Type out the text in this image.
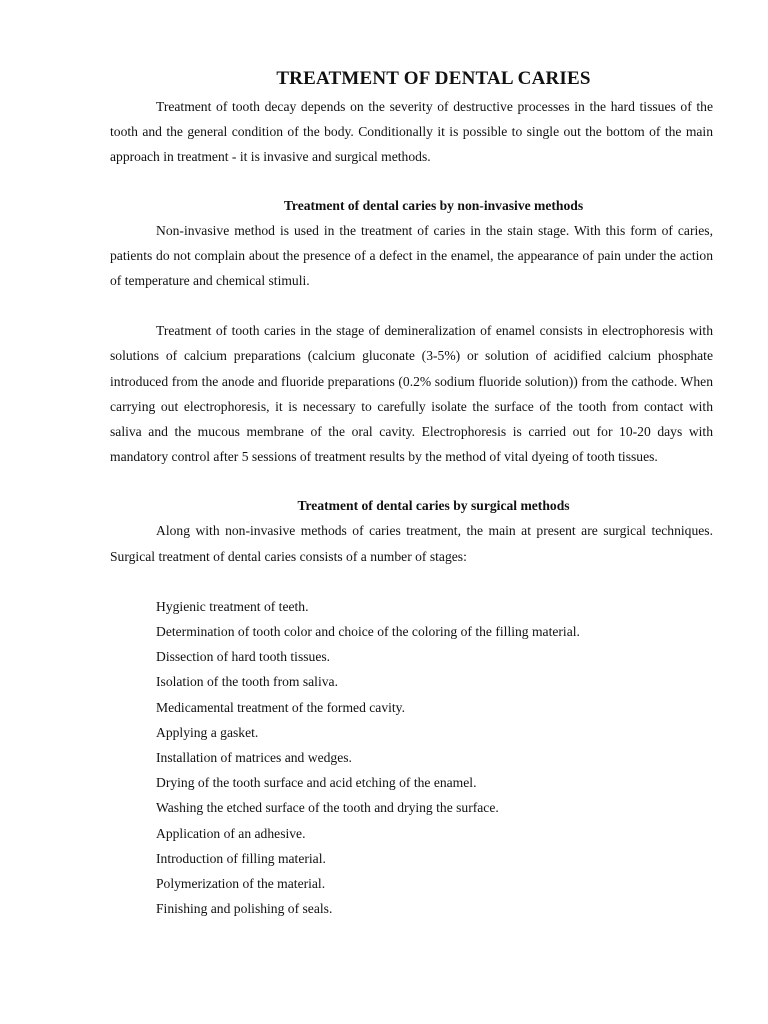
TREATMENT OF DENTAL CARIES

Treatment of tooth decay depends on the severity of destructive processes in the hard tissues of the tooth and the general condition of the body. Conditionally it is possible to single out the bottom of the main approach in treatment - it is invasive and surgical methods.

Treatment of dental caries by non-invasive methods

Non-invasive method is used in the treatment of caries in the stain stage. With this form of caries, patients do not complain about the presence of a defect in the enamel, the appearance of pain under the action of temperature and chemical stimuli.

Treatment of tooth caries in the stage of demineralization of enamel consists in electrophoresis with solutions of calcium preparations (calcium gluconate (3-5%) or solution of acidified calcium phosphate introduced from the anode and fluoride preparations (0.2% sodium fluoride solution)) from the cathode. When carrying out electrophoresis, it is necessary to carefully isolate the surface of the tooth from contact with saliva and the mucous membrane of the oral cavity. Electrophoresis is carried out for 10-20 days with mandatory control after 5 sessions of treatment results by the method of vital dyeing of tooth tissues.

Treatment of dental caries by surgical methods

Along with non-invasive methods of caries treatment, the main at present are surgical techniques. Surgical treatment of dental caries consists of a number of stages:

Hygienic treatment of teeth.
Determination of tooth color and choice of the coloring of the filling material.
Dissection of hard tooth tissues.
Isolation of the tooth from saliva.
Medicamental treatment of the formed cavity.
Applying a gasket.
Installation of matrices and wedges.
Drying of the tooth surface and acid etching of the enamel.
Washing the etched surface of the tooth and drying the surface.
Application of an adhesive.
Introduction of filling material.
Polymerization of the material.
Finishing and polishing of seals.
